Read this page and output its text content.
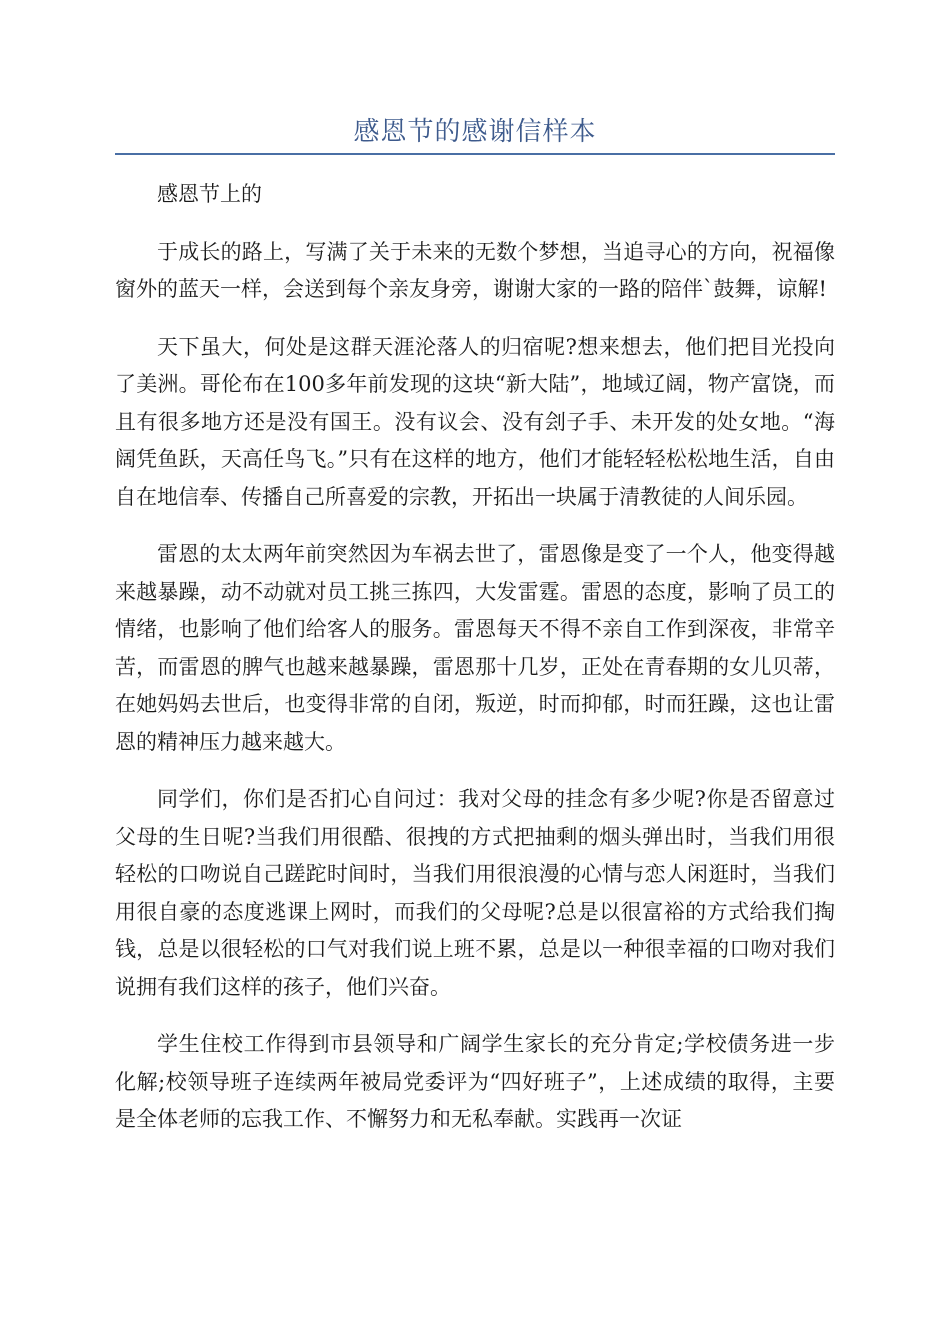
感恩节的感谢信样本

感恩节上的

于成长的路上，写满了关于未来的无数个梦想，当追寻心的方向，祝福像窗外的蓝天一样，会送到每个亲友身旁，谢谢大家的一路的陪伴`鼓舞，谅解!

天下虽大，何处是这群天涯沦落人的归宿呢?想来想去，他们把目光投向了美洲。哥伦布在100多年前发现的这块“新大陆”，地域辽阔，物产富饶，而且有很多地方还是没有国王。没有议会、没有刽子手、未开发的处女地。“海阔凭鱼跃，天高任鸟飞。”只有在这样的地方，他们才能轻轻松松地生活，自由自在地信奉、传播自己所喜爱的宗教，开拓出一块属于清教徒的人间乐园。

雷恩的太太两年前突然因为车祸去世了，雷恩像是变了一个人，他变得越来越暴躁，动不动就对员工挑三拣四，大发雷霆。雷恩的态度，影响了员工的情绪，也影响了他们给客人的服务。雷恩每天不得不亲自工作到深夜，非常辛苦，而雷恩的脾气也越来越暴躁，雷恩那十几岁，正处在青春期的女儿贝蒂，在她妈妈去世后，也变得非常的自闭，叛逆，时而抑郁，时而狂躁，这也让雷恩的精神压力越来越大。

同学们，你们是否扪心自问过：我对父母的挂念有多少呢?你是否留意过父母的生日呢?当我们用很酷、很拽的方式把抽剩的烟头弹出时，当我们用很轻松的口吻说自己蹉跎时间时，当我们用很浪漫的心情与恋人闲逛时，当我们用很自豪的态度逃课上网时，而我们的父母呢?总是以很富裕的方式给我们掏钱，总是以很轻松的口气对我们说上班不累，总是以一种很幸福的口吻对我们说拥有我们这样的孩子，他们兴奋。

学生住校工作得到市县领导和广阔学生家长的充分肯定;学校债务进一步化解;校领导班子连续两年被局党委评为“四好班子”，上述成绩的取得，主要是全体老师的忘我工作、不懈努力和无私奉献。实践再一次证
